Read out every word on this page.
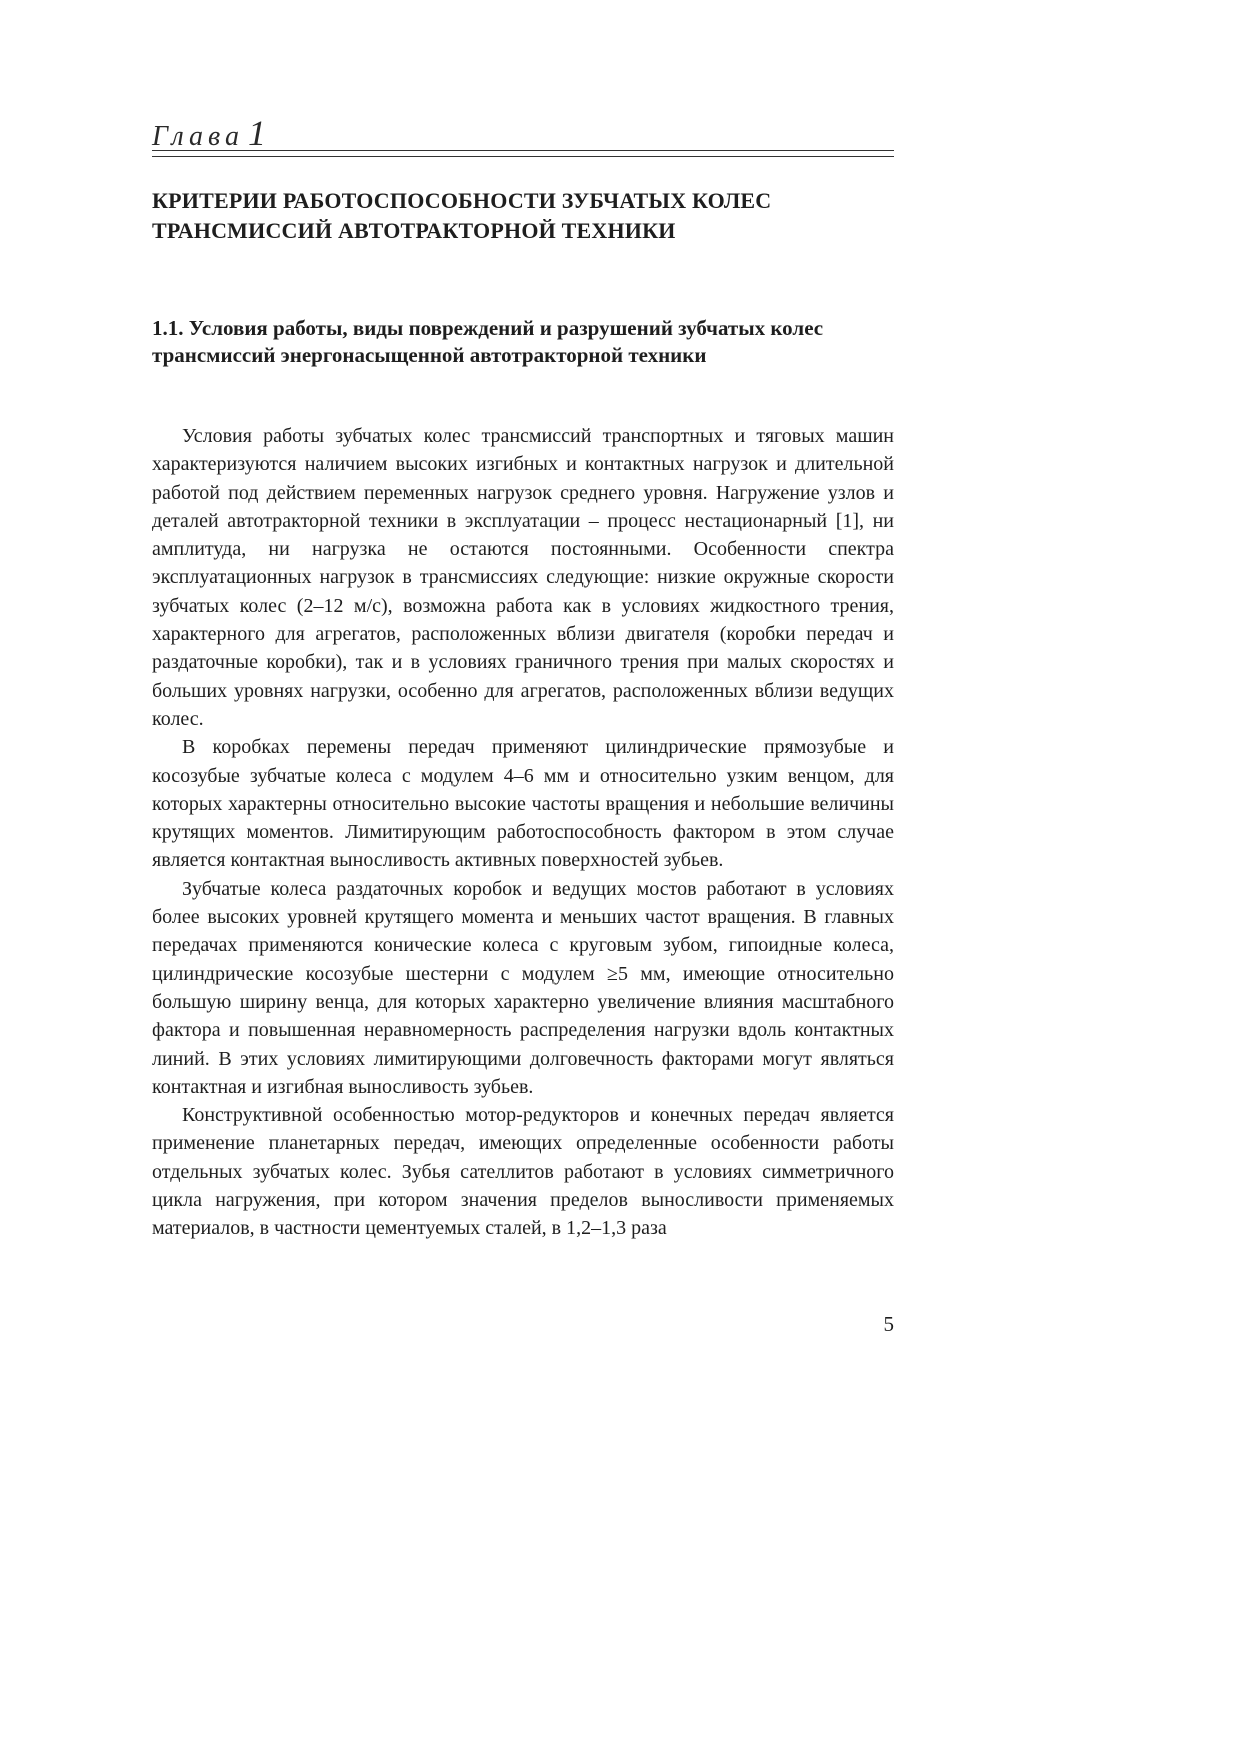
Глава 1
КРИТЕРИИ РАБОТОСПОСОБНОСТИ ЗУБЧАТЫХ КОЛЕС ТРАНСМИССИЙ АВТОТРАКТОРНОЙ ТЕХНИКИ
1.1. Условия работы, виды повреждений и разрушений зубчатых колес трансмиссий энергонасыщенной автотракторной техники

Условия работы зубчатых колес трансмиссий транспортных и тяговых машин характеризуются наличием высоких изгибных и контактных нагрузок и длительной работой под действием переменных нагрузок среднего уровня. Нагружение узлов и деталей автотракторной техники в эксплуатации – процесс нестационарный [1], ни амплитуда, ни нагрузка не остаются постоянными. Особенности спектра эксплуатационных нагрузок в трансмиссиях следующие: низкие окружные скорости зубчатых колес (2–12 м/с), возможна работа как в условиях жидкостного трения, характерного для агрегатов, расположенных вблизи двигателя (коробки передач и раздаточные коробки), так и в условиях граничного трения при малых скоростях и больших уровнях нагрузки, особенно для агрегатов, расположенных вблизи ведущих колес.

В коробках перемены передач применяют цилиндрические прямозубые и косозубые зубчатые колеса с модулем 4–6 мм и относительно узким венцом, для которых характерны относительно высокие частоты вращения и небольшие величины крутящих моментов. Лимитирующим работоспособность фактором в этом случае является контактная выносливость активных поверхностей зубьев.

Зубчатые колеса раздаточных коробок и ведущих мостов работают в условиях более высоких уровней крутящего момента и меньших частот вращения. В главных передачах применяются конические колеса с круговым зубом, гипоидные колеса, цилиндрические косозубые шестерни с модулем ≥5 мм, имеющие относительно большую ширину венца, для которых характерно увеличение влияния масштабного фактора и повышенная неравномерность распределения нагрузки вдоль контактных линий. В этих условиях лимитирующими долговечность факторами могут являться контактная и изгибная выносливость зубьев.

Конструктивной особенностью мотор-редукторов и конечных передач является применение планетарных передач, имеющих определенные особенности работы отдельных зубчатых колес. Зубья сателлитов работают в условиях симметричного цикла нагружения, при котором значения пределов выносливости применяемых материалов, в частности цементуемых сталей, в 1,2–1,3 раза

5
